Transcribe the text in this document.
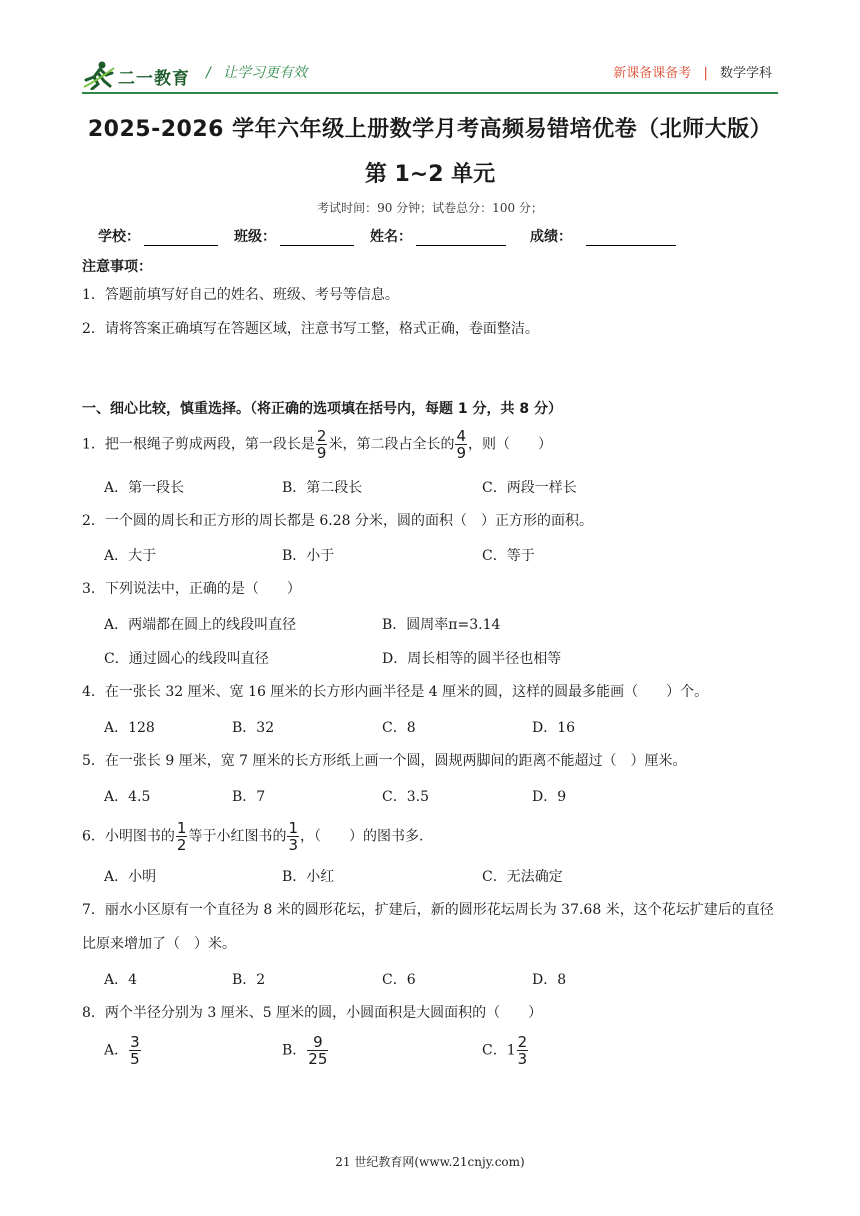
二一教育 / 让学习更有效	新课备课备考 | 数学学科
2025-2026 学年六年级上册数学月考高频易错培优卷（北师大版）
第 1~2 单元
考试时间：90 分钟；试卷总分：100 分；
学校：	班级：	姓名：	成绩：
注意事项：
1．答题前填写好自己的姓名、班级、考号等信息。
2．请将答案正确填写在答题区域，注意书写工整，格式正确，卷面整洁。
一、细心比较，慎重选择。（将正确的选项填在括号内，每题 1 分，共 8 分）
1．把一根绳子剪成两段，第一段长是 $\frac{2}{9}$ 米，第二段占全长的 $\frac{4}{9}$ ，则（　　）
A．第一段长	B．第二段长	C．两段一样长
2．一个圆的周长和正方形的周长都是 6.28 分米，圆的面积（　）正方形的面积。
A．大于	B．小于	C．等于
3．下列说法中，正确的是（　　）
A．两端都在圆上的线段叫直径	B．圆周率π=3.14
C．通过圆心的线段叫直径	D．周长相等的圆半径也相等
4．在一张长 32 厘米、宽 16 厘米的长方形内画半径是 4 厘米的圆，这样的圆最多能画（　　）个。
A．128	B．32	C．8	D．16
5．在一张长 9 厘米，宽 7 厘米的长方形纸上画一个圆，圆规两脚间的距离不能超过（　）厘米。
A．4.5	B．7	C．3.5	D．9
6．小明图书的 $\frac{1}{2}$ 等于小红图书的 $\frac{1}{3}$ ，（　　）的图书多.
A．小明	B．小红	C．无法确定
7．丽水小区原有一个直径为 8 米的圆形花坛，扩建后，新的圆形花坛周长为 37.68 米，这个花坛扩建后的直径比原来增加了（　）米。
A．4	B．2	C．6	D．8
8．两个半径分别为 3 厘米、5 厘米的圆，小圆面积是大圆面积的（　　）
A． $\frac{3}{5}$	B． $\frac{9}{25}$	C．$1 \frac{2}{3}$
21 世纪教育网(www.21cnjy.com)
